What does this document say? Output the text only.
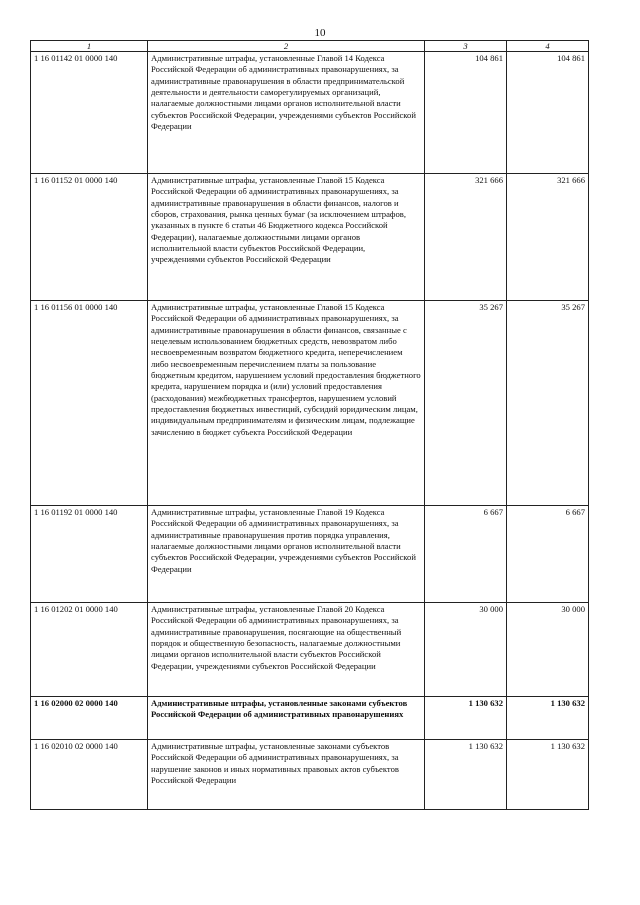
10
1	2	3	4
1 16 01142 01 0000 140	Административные штрафы, установленные Главой 14 Кодекса Российской Федерации об административных правонарушениях, за административные правонарушения в области предпринимательской деятельности и деятельности саморегулируемых организаций, налагаемые должностными лицами органов исполнительной власти субъектов Российской Федерации, учреждениями субъектов Российской Федерации	104 861	104 861
1 16 01152 01 0000 140	Административные штрафы, установленные Главой 15 Кодекса Российской Федерации об административных правонарушениях, за административные правонарушения в области финансов, налогов и сборов, страхования, рынка ценных бумаг (за исключением штрафов, указанных в пункте 6 статьи 46 Бюджетного кодекса Российской Федерации), налагаемые должностными лицами органов исполнительной власти субъектов Российской Федерации, учреждениями субъектов Российской Федерации	321 666	321 666
1 16 01156 01 0000 140	Административные штрафы, установленные Главой 15 Кодекса Российской Федерации об административных правонарушениях, за административные правонарушения в области финансов, связанные с нецелевым использованием бюджетных средств, невозвратом либо несвоевременным возвратом бюджетного кредита, неперечислением либо несвоевременным перечислением платы за пользование бюджетным кредитом, нарушением условий предоставления бюджетного кредита, нарушением порядка и (или) условий предоставления (расходования) межбюджетных трансфертов, нарушением условий предоставления бюджетных инвестиций, субсидий юридическим лицам, индивидуальным предпринимателям и физическим лицам, подлежащие зачислению в бюджет субъекта Российской Федерации	35 267	35 267
1 16 01192 01 0000 140	Административные штрафы, установленные Главой 19 Кодекса Российской Федерации об административных правонарушениях, за административные правонарушения против порядка управления, налагаемые должностными лицами органов исполнительной власти субъектов Российской Федерации, учреждениями субъектов Российской Федерации	6 667	6 667
1 16 01202 01 0000 140	Административные штрафы, установленные Главой 20 Кодекса Российской Федерации об административных правонарушениях, за административные правонарушения, посягающие на общественный порядок и общественную безопасность, налагаемые должностными лицами органов исполнительной власти субъектов Российской Федерации, учреждениями субъектов Российской Федерации	30 000	30 000
1 16 02000 02 0000 140	Административные штрафы, установленные законами субъектов Российской Федерации об административных правонарушениях	1 130 632	1 130 632
1 16 02010 02 0000 140	Административные штрафы, установленные законами субъектов Российской Федерации об административных правонарушениях, за нарушение законов и иных нормативных правовых актов субъектов Российской Федерации	1 130 632	1 130 632
